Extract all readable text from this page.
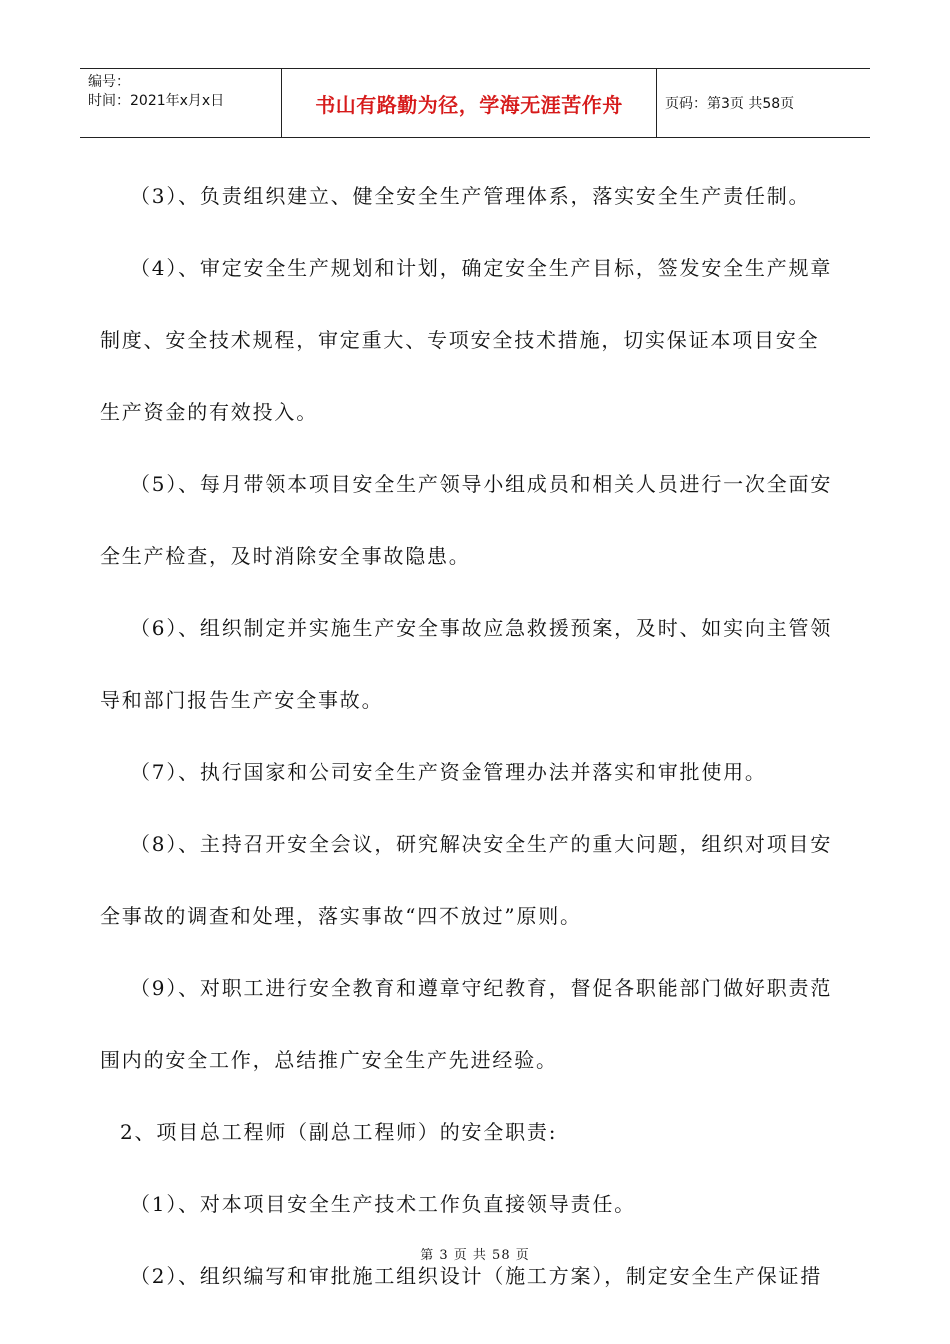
编号：
时间：2021年x月x日	书山有路勤为径，学海无涯苦作舟	页码：第3页 共58页

（3）、负责组织建立、健全安全生产管理体系，落实安全生产责任制。

（4）、审定安全生产规划和计划，确定安全生产目标，签发安全生产规章

制度、安全技术规程，审定重大、专项安全技术措施，切实保证本项目安全

生产资金的有效投入。

（5）、每月带领本项目安全生产领导小组成员和相关人员进行一次全面安

全生产检查，及时消除安全事故隐患。

（6）、组织制定并实施生产安全事故应急救援预案，及时、如实向主管领

导和部门报告生产安全事故。

（7）、执行国家和公司安全生产资金管理办法并落实和审批使用。

（8）、主持召开安全会议，研究解决安全生产的重大问题，组织对项目安

全事故的调查和处理，落实事故“四不放过”原则。

（9）、对职工进行安全教育和遵章守纪教育，督促各职能部门做好职责范

围内的安全工作，总结推广安全生产先进经验。

2、项目总工程师（副总工程师）的安全职责:

（1）、对本项目安全生产技术工作负直接领导责任。

（2）、组织编写和审批施工组织设计（施工方案），制定安全生产保证措

第 3 页 共 58 页
